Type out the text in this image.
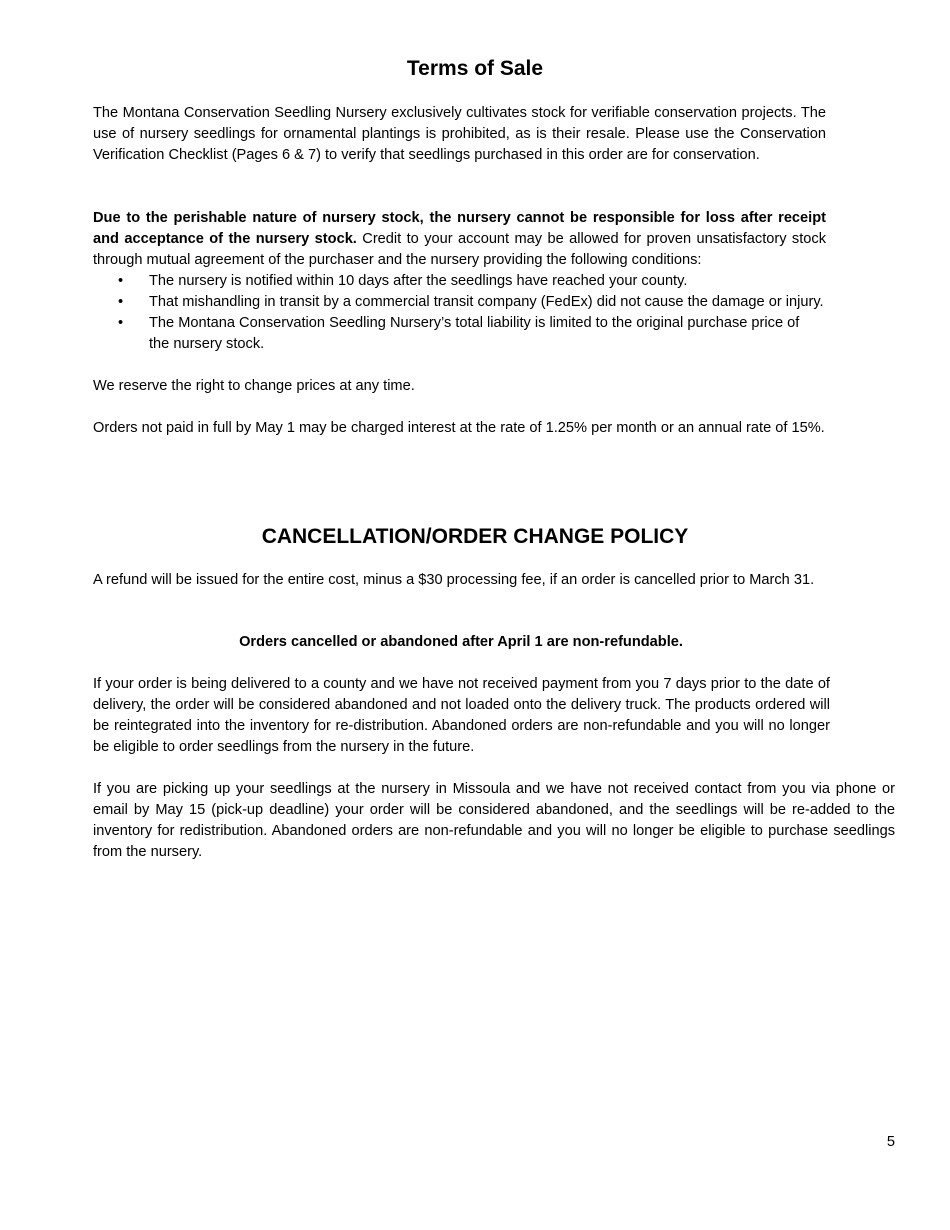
Terms of Sale

The Montana Conservation Seedling Nursery exclusively cultivates stock for verifiable conservation projects. The use of nursery seedlings for ornamental plantings is prohibited, as is their resale. Please use the Conservation Verification Checklist (Pages 6 & 7) to verify that seedlings purchased in this order are for conservation.

Due to the perishable nature of nursery stock, the nursery cannot be responsible for loss after receipt and acceptance of the nursery stock. Credit to your account may be allowed for proven unsatisfactory stock through mutual agreement of the purchaser and the nursery providing the following conditions:

• The nursery is notified within 10 days after the seedlings have reached your county.
• That mishandling in transit by a commercial transit company (FedEx) did not cause the damage or injury.
• The Montana Conservation Seedling Nursery’s total liability is limited to the original purchase price of the nursery stock.

We reserve the right to change prices at any time.

Orders not paid in full by May 1 may be charged interest at the rate of 1.25% per month or an annual rate of 15%.

CANCELLATION/ORDER CHANGE POLICY

A refund will be issued for the entire cost, minus a $30 processing fee, if an order is cancelled prior to March 31.

Orders cancelled or abandoned after April 1 are non-refundable.

If your order is being delivered to a county and we have not received payment from you 7 days prior to the date of delivery, the order will be considered abandoned and not loaded onto the delivery truck. The products ordered will be reintegrated into the inventory for re-distribution. Abandoned orders are non-refundable and you will no longer be eligible to order seedlings from the nursery in the future.

If you are picking up your seedlings at the nursery in Missoula and we have not received contact from you via phone or email by May 15 (pick-up deadline) your order will be considered abandoned, and the seedlings will be re-added to the inventory for redistribution. Abandoned orders are non-refundable and you will no longer be eligible to purchase seedlings from the nursery.

5
